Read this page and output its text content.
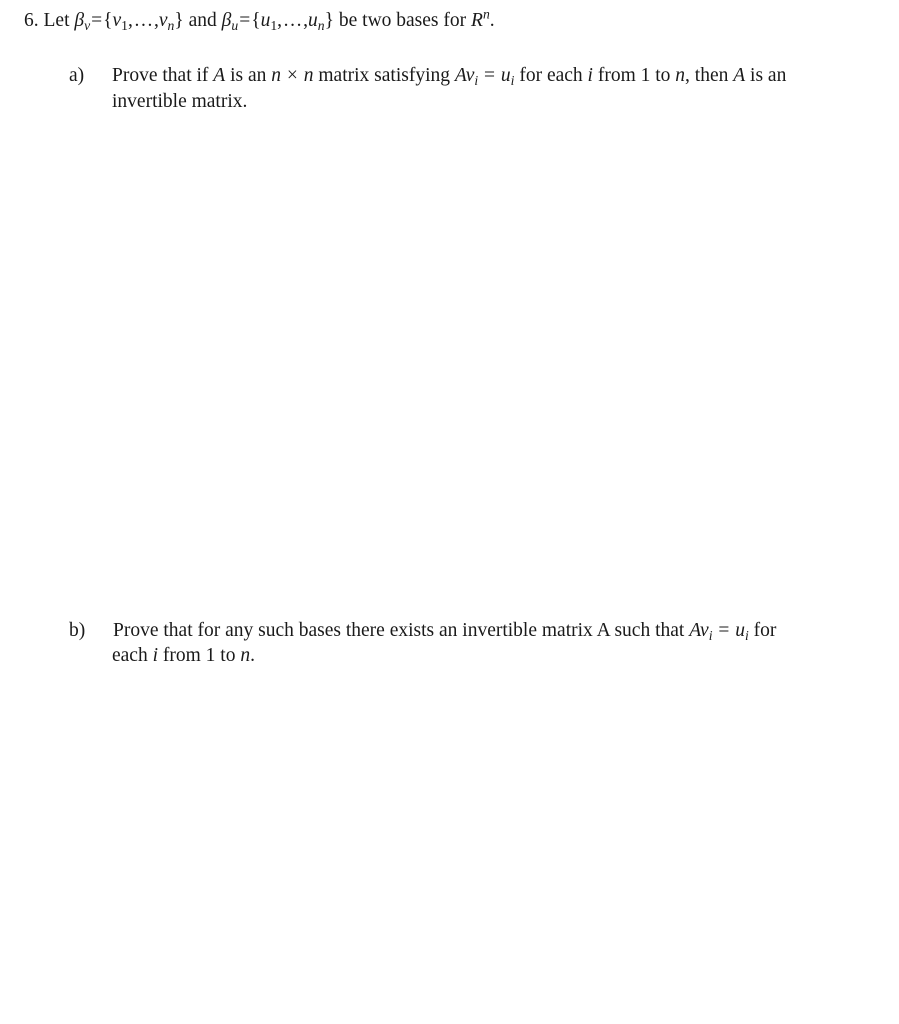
6. Let $\beta_v=\{v_1$, . . . $,v_n$} and $\beta_u=\{u_1$, . . . $,u_n$} be two bases for $R^n$.
a) Prove that if A is an n × n matrix satisfying $Av_i = u_i$ for each i from 1 to n, then A is an
invertible matrix.
b) Prove that for any such bases there exists an invertible matrix A such that $Av_i = u_i$ for
each i from 1 to n.
